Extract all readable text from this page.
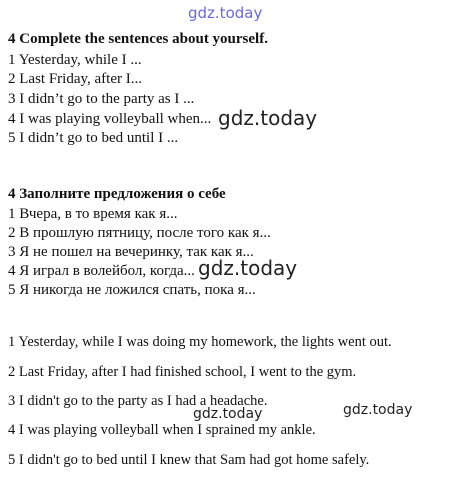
gdz.today
4 Complete the sentences about yourself.
1 Yesterday, while I ...
2 Last Friday, after I...
3 I didn’t go to the party as I ...
4 I was playing volleyball when...
5 I didn’t go to bed until I ...
gdz.today
4 Заполните предложения о себе
1 Вчера, в то время как я...
2 В прошлую пятницу, после того как я...
3 Я не пошел на вечеринку, так как я...
4 Я играл в волейбол, когда...
5 Я никогда не ложился спать, пока я...
gdz.today
1 Yesterday, while I was doing my homework, the lights went out.
2 Last Friday, after I had finished school, I went to the gym.
3 I didn't go to the party as I had a headache.
4 I was playing volleyball when I sprained my ankle.
5 I didn't go to bed until I knew that Sam had got home safely.
gdz.today	gdz.today
